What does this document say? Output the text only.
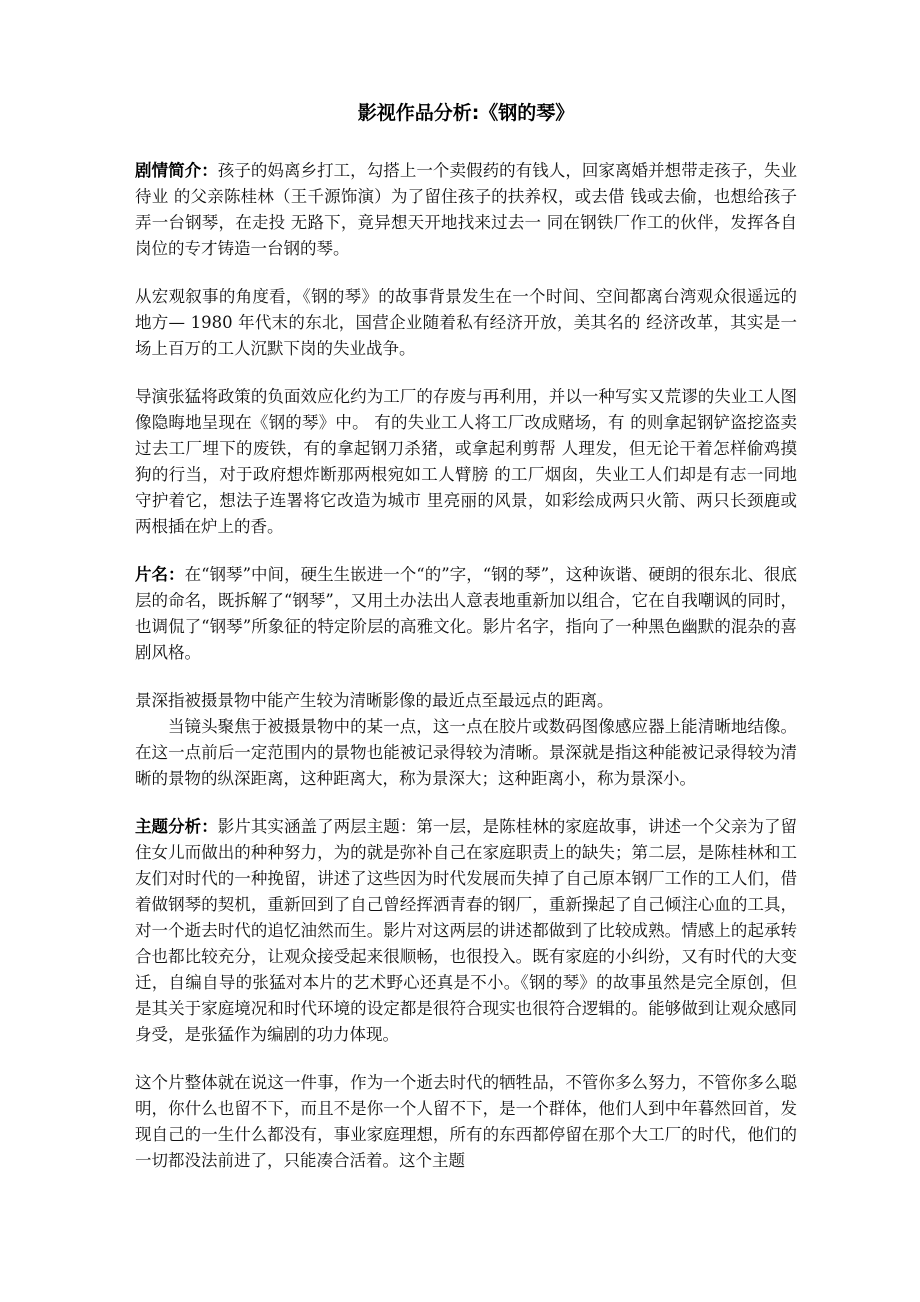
影视作品分析:《钢的琴》

剧情简介：孩子的妈离乡打工，勾搭上一个卖假药的有钱人，回家离婚并想带走孩子，失业待业 的父亲陈桂林（王千源饰演）为了留住孩子的扶养权，或去借 钱或去偷，也想给孩子弄一台钢琴，在走投 无路下，竟异想天开地找来过去一 同在钢铁厂作工的伙伴，发挥各自岗位的专才铸造一台钢的琴。

从宏观叙事的角度看，《钢的琴》的故事背景发生在一个时间、空间都离台湾观众很遥远的地方— 1980 年代末的东北，国营企业随着私有经济开放，美其名的 经济改革，其实是一场上百万的工人沉默下岗的失业战争。

导演张猛将政策的负面效应化约为工厂的存废与再利用，并以一种写实又荒谬的失业工人图像隐晦地呈现在《钢的琴》中。 有的失业工人将工厂改成赌场，有 的则拿起钢铲盗挖盗卖过去工厂埋下的废铁，有的拿起钢刀杀猪，或拿起利剪帮 人理发，但无论干着怎样偷鸡摸狗的行当，对于政府想炸断那两根宛如工人臂膀 的工厂烟囱，失业工人们却是有志一同地守护着它，想法子连署将它改造为城市 里亮丽的风景，如彩绘成两只火箭、两只长颈鹿或两根插在炉上的香。

片名：在“钢琴”中间，硬生生嵌进一个“的”字，“钢的琴”，这种诙谐、硬朗的很东北、很底层的命名，既拆解了“钢琴”，又用土办法出人意表地重新加以组合，它在自我嘲讽的同时，也调侃了“钢琴”所象征的特定阶层的高雅文化。影片名字，指向了一种黑色幽默的混杂的喜剧风格。

景深指被摄景物中能产生较为清晰影像的最近点至最远点的距离。

当镜头聚焦于被摄景物中的某一点，这一点在胶片或数码图像感应器上能清晰地结像。在这一点前后一定范围内的景物也能被记录得较为清晰。景深就是指这种能被记录得较为清晰的景物的纵深距离，这种距离大，称为景深大；这种距离小，称为景深小。

主题分析：影片其实涵盖了两层主题：第一层，是陈桂林的家庭故事，讲述一个父亲为了留住女儿而做出的种种努力，为的就是弥补自己在家庭职责上的缺失；第二层，是陈桂林和工友们对时代的一种挽留，讲述了这些因为时代发展而失掉了自己原本钢厂工作的工人们，借着做钢琴的契机，重新回到了自己曾经挥洒青春的钢厂，重新操起了自己倾注心血的工具，对一个逝去时代的追忆油然而生。影片对这两层的讲述都做到了比较成熟。情感上的起承转合也都比较充分，让观众接受起来很顺畅，也很投入。既有家庭的小纠纷，又有时代的大变迁，自编自导的张猛对本片的艺术野心还真是不小。《钢的琴》的故事虽然是完全原创，但是其关于家庭境况和时代环境的设定都是很符合现实也很符合逻辑的。能够做到让观众感同身受，是张猛作为编剧的功力体现。

这个片整体就在说这一件事，作为一个逝去时代的牺牲品，不管你多么努力，不管你多么聪明，你什么也留不下，而且不是你一个人留不下，是一个群体，他们人到中年暮然回首，发现自己的一生什么都没有，事业家庭理想，所有的东西都停留在那个大工厂的时代，他们的一切都没法前进了，只能凑合活着。这个主题
